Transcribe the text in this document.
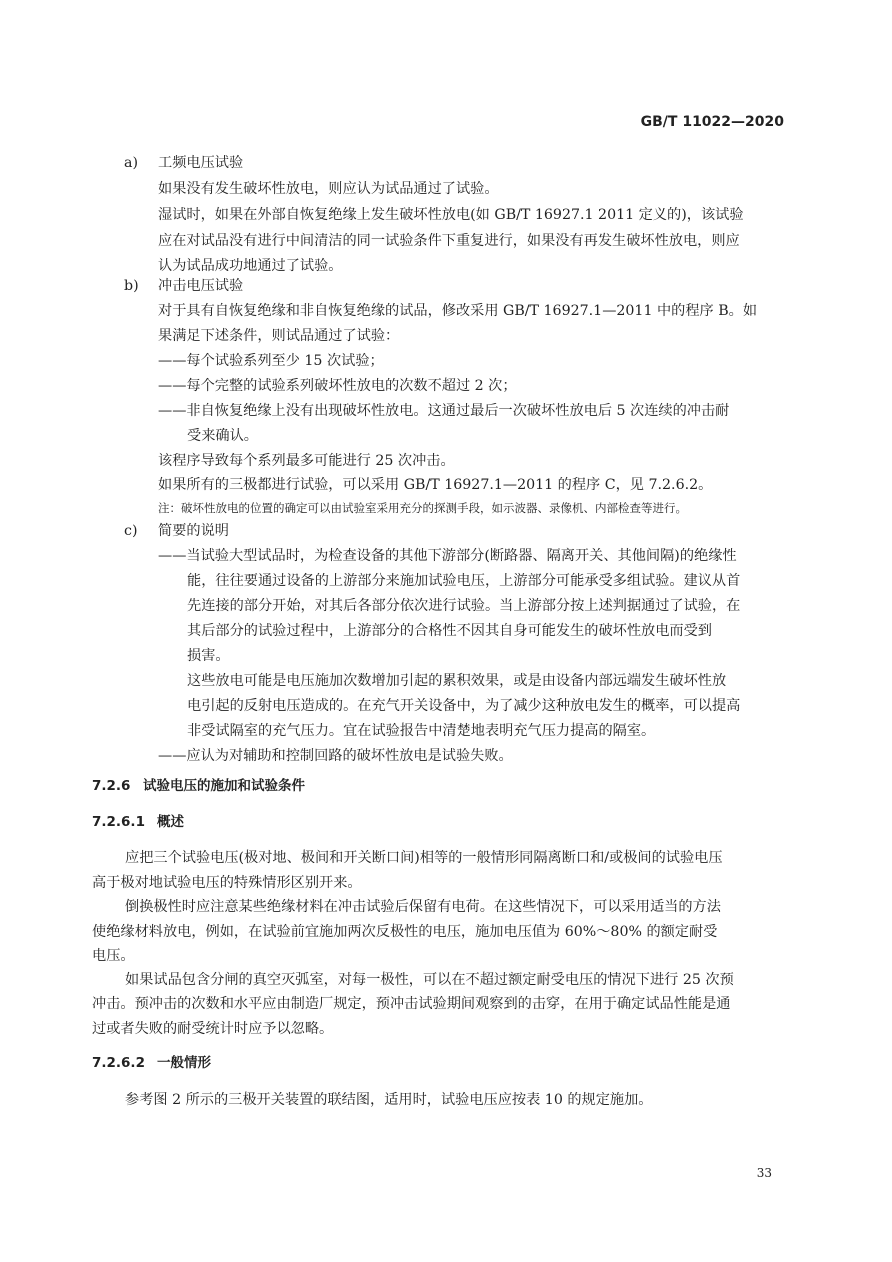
GB/T 11022—2020
a) 工频电压试验
如果没有发生破坏性放电，则应认为试品通过了试验。
湿试时，如果在外部自恢复绝缘上发生破坏性放电(如 GB/T 16927.1 2011 定义的)，该试验
应在对试品没有进行中间清洁的同一试验条件下重复进行，如果没有再发生破坏性放电，则应
认为试品成功地通过了试验。
b) 冲击电压试验
对于具有自恢复绝缘和非自恢复绝缘的试品，修改采用 GB/T 16927.1—2011 中的程序 B。如
果满足下述条件，则试品通过了试验：
——每个试验系列至少 15 次试验；
——每个完整的试验系列破坏性放电的次数不超过 2 次；
——非自恢复绝缘上没有出现破坏性放电。这通过最后一次破坏性放电后 5 次连续的冲击耐
受来确认。
该程序导致每个系列最多可能进行 25 次冲击。
如果所有的三极都进行试验，可以采用 GB/T 16927.1—2011 的程序 C，见 7.2.6.2。
注：破坏性放电的位置的确定可以由试验室采用充分的探测手段，如示波器、录像机、内部检查等进行。
c) 简要的说明
——当试验大型试品时，为检查设备的其他下游部分(断路器、隔离开关、其他间隔)的绝缘性
能，往往要通过设备的上游部分来施加试验电压，上游部分可能承受多组试验。建议从首
先连接的部分开始，对其后各部分依次进行试验。当上游部分按上述判据通过了试验，在
其后部分的试验过程中，上游部分的合格性不因其自身可能发生的破坏性放电而受到
损害。
这些放电可能是电压施加次数增加引起的累积效果，或是由设备内部远端发生破坏性放
电引起的反射电压造成的。在充气开关设备中，为了减少这种放电发生的概率，可以提高
非受试隔室的充气压力。宜在试验报告中清楚地表明充气压力提高的隔室。
——应认为对辅助和控制回路的破坏性放电是试验失败。
7.2.6 试验电压的施加和试验条件
7.2.6.1 概述
应把三个试验电压(极对地、极间和开关断口间)相等的一般情形同隔离断口和/或极间的试验电压
高于极对地试验电压的特殊情形区别开来。
倒换极性时应注意某些绝缘材料在冲击试验后保留有电荷。在这些情况下，可以采用适当的方法
使绝缘材料放电，例如，在试验前宜施加两次反极性的电压，施加电压值为 60%～80% 的额定耐受
电压。
如果试品包含分闸的真空灭弧室，对每一极性，可以在不超过额定耐受电压的情况下进行 25 次预
冲击。预冲击的次数和水平应由制造厂规定，预冲击试验期间观察到的击穿，在用于确定试品性能是通
过或者失败的耐受统计时应予以忽略。
7.2.6.2 一般情形
参考图 2 所示的三极开关装置的联结图，适用时，试验电压应按表 10 的规定施加。
33
